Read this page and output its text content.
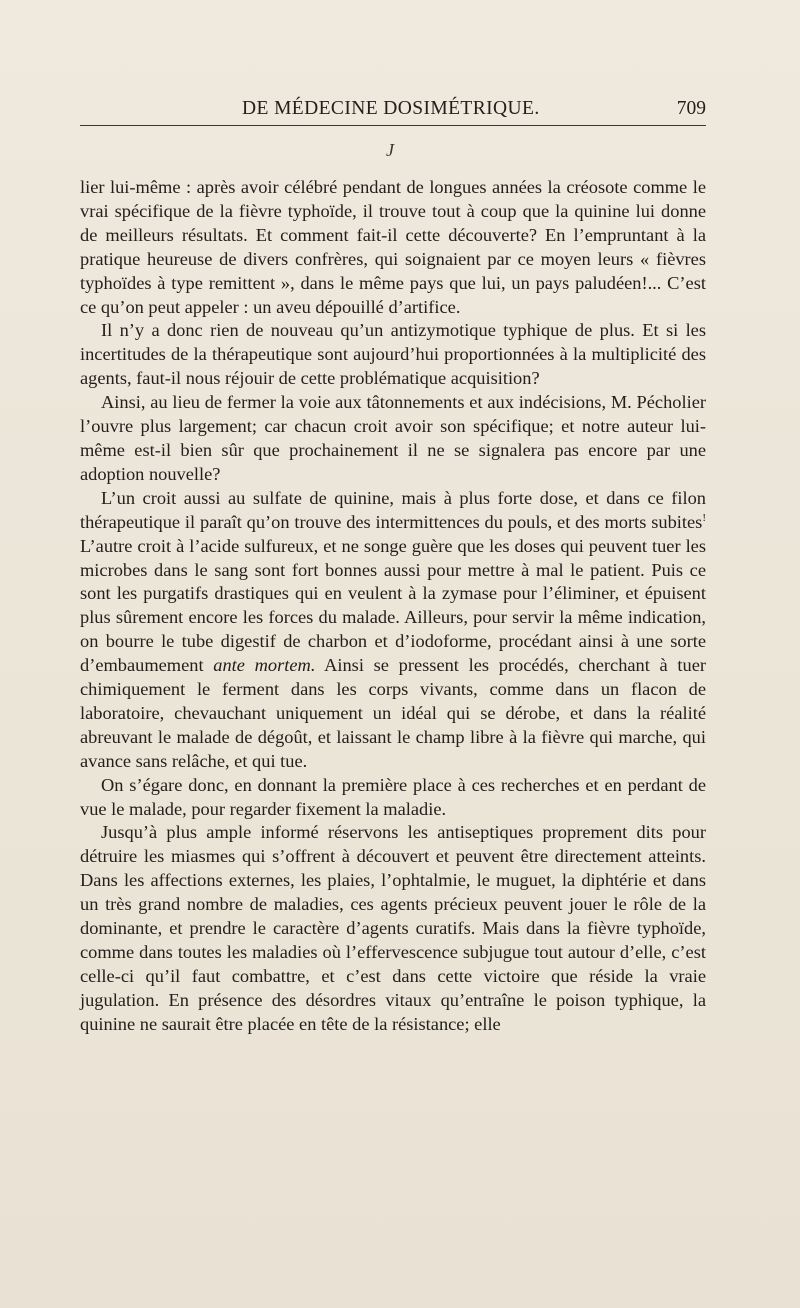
DE MÉDECINE DOSIMÉTRIQUE.	709
J

lier lui-même : après avoir célébré pendant de longues années la créosote comme le vrai spécifique de la fièvre typhoïde, il trouve tout à coup que la quinine lui donne de meilleurs résultats. Et comment fait-il cette découverte? En l’empruntant à la pratique heureuse de divers confrères, qui soignaient par ce moyen leurs « fièvres typhoïdes à type remittent », dans le même pays que lui, un pays paludéen!... C’est ce qu’on peut appeler : un aveu dépouillé d’artifice.

Il n’y a donc rien de nouveau qu’un antizymotique typhique de plus. Et si les incertitudes de la thérapeutique sont aujourd’hui proportionnées à la multiplicité des agents, faut-il nous réjouir de cette problématique acquisition?

Ainsi, au lieu de fermer la voie aux tâtonnements et aux indécisions, M. Pécholier l’ouvre plus largement; car chacun croit avoir son spécifique; et notre auteur lui-même est-il bien sûr que prochainement il ne se signalera pas encore par une adoption nouvelle?

L’un croit aussi au sulfate de quinine, mais à plus forte dose, et dans ce filon thérapeutique il paraît qu’on trouve des intermittences du pouls, et des morts subites! L’autre croit à l’acide sulfureux, et ne songe guère que les doses qui peuvent tuer les microbes dans le sang sont fort bonnes aussi pour mettre à mal le patient. Puis ce sont les purgatifs drastiques qui en veulent à la zymase pour l’éliminer, et épuisent plus sûrement encore les forces du malade. Ailleurs, pour servir la même indication, on bourre le tube digestif de charbon et d’iodoforme, procédant ainsi à une sorte d’embaumement ante mortem. Ainsi se pressent les procédés, cherchant à tuer chimiquement le ferment dans les corps vivants, comme dans un flacon de laboratoire, chevauchant uniquement un idéal qui se dérobe, et dans la réalité abreuvant le malade de dégoût, et laissant le champ libre à la fièvre qui marche, qui avance sans relâche, et qui tue.

On s’égare donc, en donnant la première place à ces recherches et en perdant de vue le malade, pour regarder fixement la maladie.

Jusqu’à plus ample informé réservons les antiseptiques proprement dits pour détruire les miasmes qui s’offrent à découvert et peuvent être directement atteints. Dans les affections externes, les plaies, l’ophtalmie, le muguet, la diphtérie et dans un très grand nombre de maladies, ces agents précieux peuvent jouer le rôle de la dominante, et prendre le caractère d’agents curatifs. Mais dans la fièvre typhoïde, comme dans toutes les maladies où l’effervescence subjugue tout autour d’elle, c’est celle-ci qu’il faut combattre, et c’est dans cette victoire que réside la vraie jugulation. En présence des désordres vitaux qu’entraîne le poison typhique, la quinine ne saurait être placée en tête de la résistance; elle
